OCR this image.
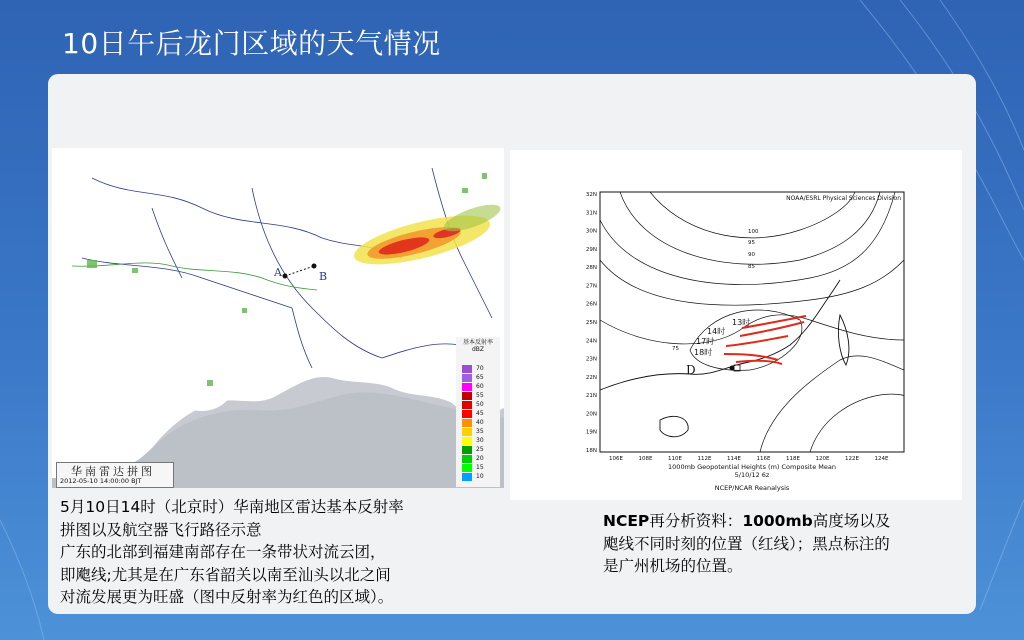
10日午后龙门区域的天气情况
A	B
基本反射率
dBZ
70
65
60
55
50
45
40
35
30
25
20
15
10
华南雷达拼图
2012-05-10 14:00:00 BJT
5月10日14时（北京时）华南地区雷达基本反射率
拼图以及航空器飞行路径示意
广东的北部到福建南部存在一条带状对流云团，
即飑线;尤其是在广东省韶关以南至汕头以北之间
对流发展更为旺盛（图中反射率为红色的区域）。
NOAA/ESRL Physical Sciences Division
32N
31N
30N
29N
28N
27N
26N
25N
24N
23N
22N
21N
20N
19N
18N
106E	108E	110E	112E	114E	116E	118E	120E	122E	124E
13时
14时
17时
18时
100
95
90
85
75
D
1000mb Geopotential Heights (m) Composite Mean
5/10/12 6z
NCEP/NCAR Reanalysis
NCEP再分析资料：1000mb高度场以及飑线不同时刻的位置（红线）；黑点标注的是广州机场的位置。
